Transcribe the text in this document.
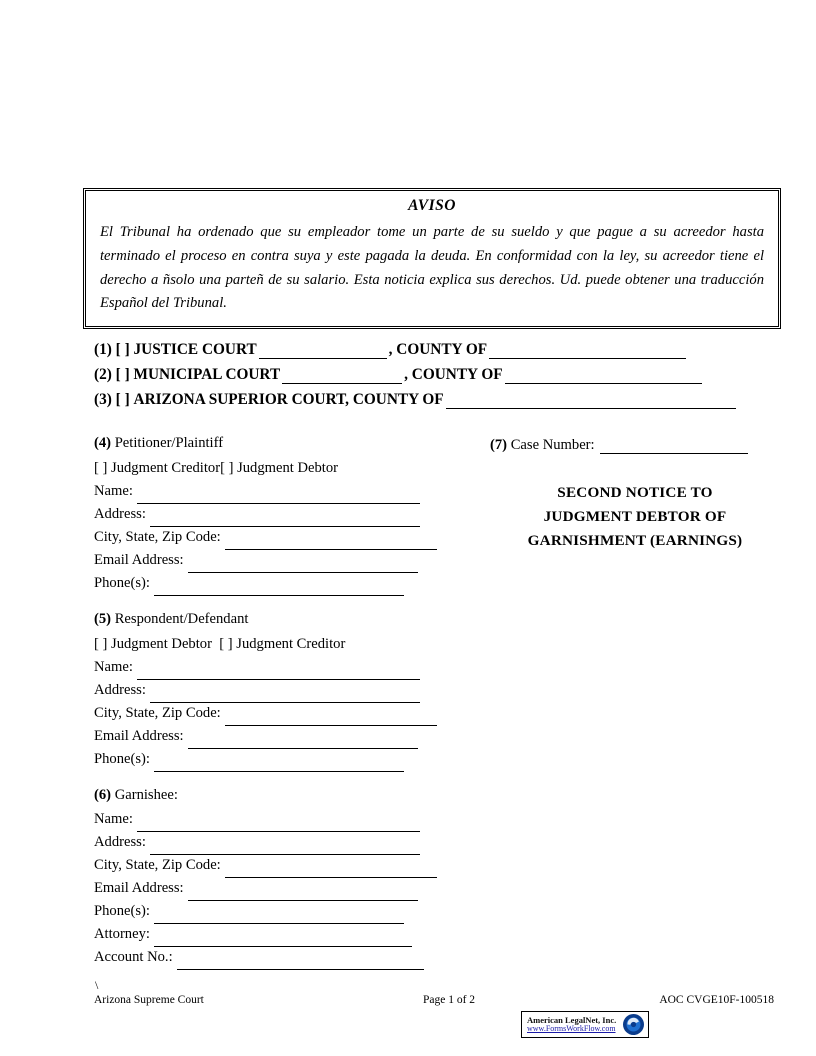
AVISO
El Tribunal ha ordenado que su empleador tome un parte de su sueldo y que pague a su acreedor hasta terminado el proceso en contra suya y este pagada la deuda. En conformidad con la ley, su acreedor tiene el derecho a ñsolo una parteñ de su salario. Esta noticia explica sus derechos. Ud. puede obtener una traducción Español del Tribunal.
(1)
[ ]
JUSTICE COURT	, COUNTY OF
(2)
[ ]
MUNICIPAL COURT	, COUNTY OF
(3)
[ ]
ARIZONA SUPERIOR COURT, COUNTY OF
(4) Petitioner/Plaintiff
[ ] Judgment Creditor[ ] Judgment Debtor
Name:
Address:
City, State, Zip Code:
Email Address:
Phone(s):
(5) Respondent/Defendant
[ ] Judgment Debtor [ ] Judgment Creditor
Name:
Address:
City, State, Zip Code:
Email Address:
Phone(s):
(6) Garnishee:
Name:
Address:
City, State, Zip Code:
Email Address:
Phone(s):
Attorney:
Account No.:
(7)
Case Number:
SECOND NOTICE TO
JUDGMENT DEBTOR OF
GARNISHMENT (EARNINGS)
\
Arizona Supreme Court	Page 1 of 2	AOC CVGE10F-100518
American LegalNet, Inc.
www.FormsWorkFlow.com
